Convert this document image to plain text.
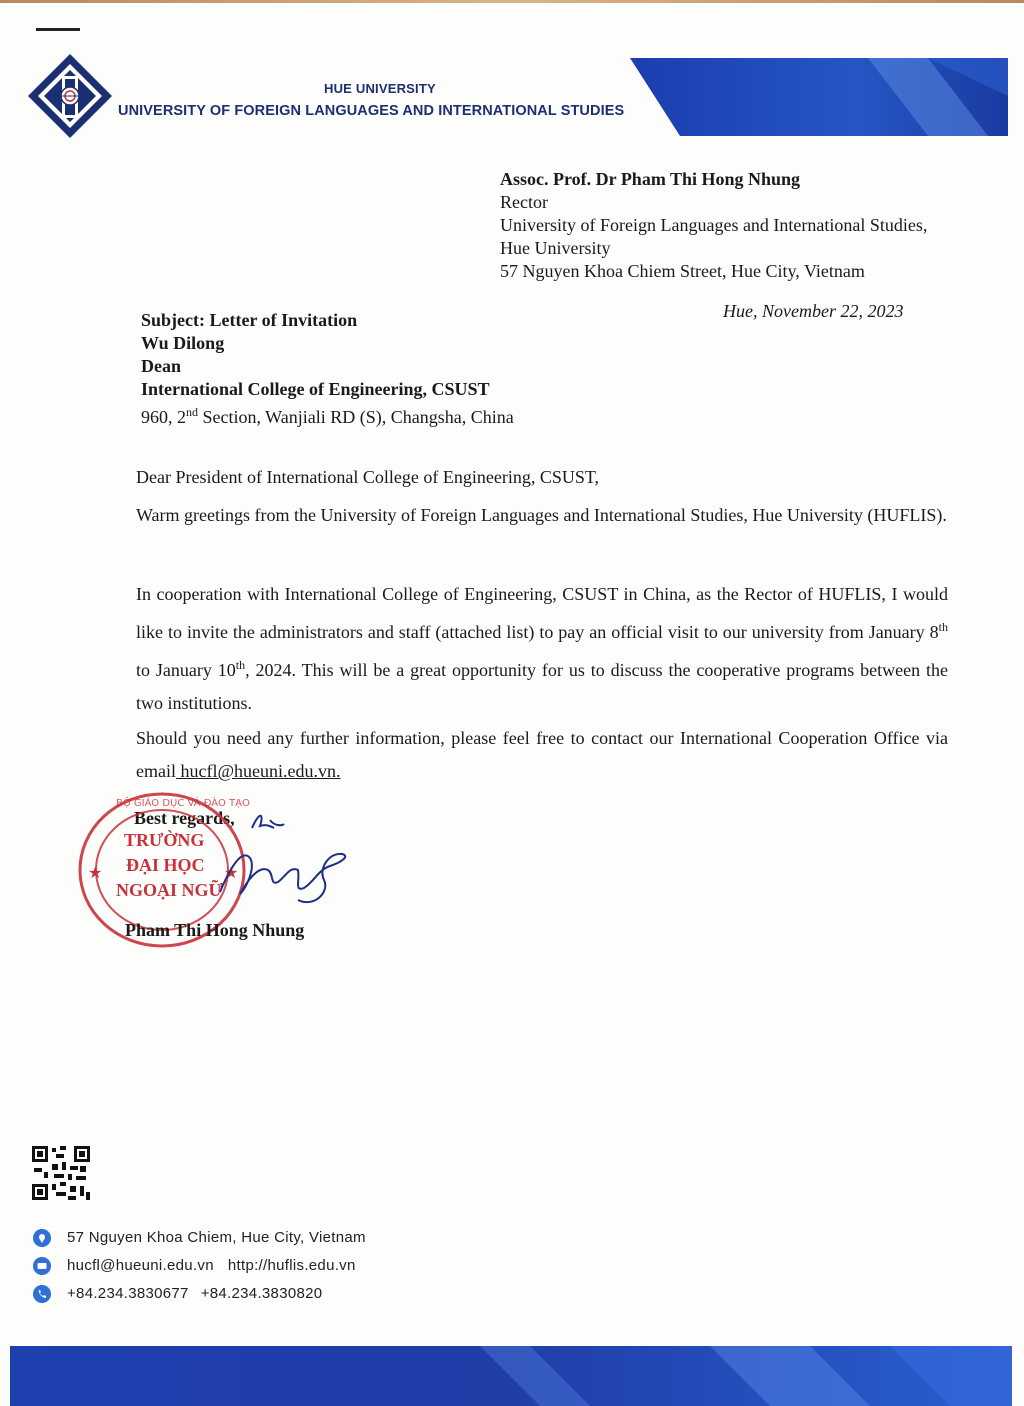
HUE UNIVERSITY
UNIVERSITY OF FOREIGN LANGUAGES AND INTERNATIONAL STUDIES
Assoc. Prof. Dr Pham Thi Hong Nhung
Rector
University of Foreign Languages and International Studies,
Hue University
57 Nguyen Khoa Chiem Street, Hue City, Vietnam
Hue, November 22, 2023
Subject: Letter of Invitation
Wu Dilong
Dean
International College of Engineering, CSUST
960, 2nd Section, Wanjiali RD (S), Changsha, China
Dear President of International College of Engineering, CSUST,
Warm greetings from the University of Foreign Languages and International Studies, Hue University (HUFLIS).
In cooperation with International College of Engineering, CSUST in China, as the Rector of HUFLIS, I would like to invite the administrators and staff (attached list) to pay an official visit to our university from January 8th to January 10th, 2024. This will be a great opportunity for us to discuss the cooperative programs between the two institutions.
Should you need any further information, please feel free to contact our International Cooperation Office via email hucfl@hueuni.edu.vn.
Best regards,
★	★
BỘ GIÁO DỤC VÀ ĐÀO TẠO
TRƯỜNG
ĐẠI HỌC
NGOẠI NGỮ
Pham Thi Hong Nhung
57 Nguyen Khoa Chiem, Hue City, Vietnam
hucfl@hueuni.edu.vn http://huflis.edu.vn
+84.234.3830677 +84.234.3830820
